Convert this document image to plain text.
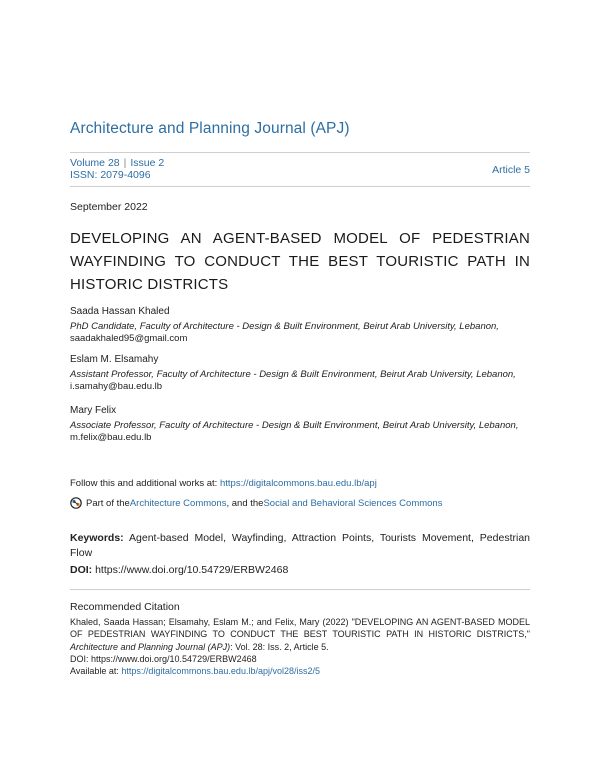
Architecture and Planning Journal (APJ)
Volume 28 | Issue 2
ISSN: 2079-4096	Article 5
September 2022
DEVELOPING AN AGENT-BASED MODEL OF PEDESTRIAN WAYFINDING TO CONDUCT THE BEST TOURISTIC PATH IN HISTORIC DISTRICTS
Saada Hassan Khaled
PhD Candidate, Faculty of Architecture - Design & Built Environment, Beirut Arab University, Lebanon,
saadakhaled95@gmail.com
Eslam M. Elsamahy
Assistant Professor, Faculty of Architecture - Design & Built Environment, Beirut Arab University, Lebanon,
i.samahy@bau.edu.lb
Mary Felix
Associate Professor, Faculty of Architecture - Design & Built Environment, Beirut Arab University, Lebanon,
m.felix@bau.edu.lb
Follow this and additional works at: https://digitalcommons.bau.edu.lb/apj
Part of the Architecture Commons , and the Social and Behavioral Sciences Commons
Keywords: Agent-based Model, Wayfinding, Attraction Points, Tourists Movement, Pedestrian Flow
DOI: https://www.doi.org/10.54729/ERBW2468
Recommended Citation
Khaled, Saada Hassan; Elsamahy, Eslam M.; and Felix, Mary (2022) "DEVELOPING AN AGENT-BASED MODEL OF PEDESTRIAN WAYFINDING TO CONDUCT THE BEST TOURISTIC PATH IN HISTORIC DISTRICTS," Architecture and Planning Journal (APJ): Vol. 28: Iss. 2, Article 5.
DOI: https://www.doi.org/10.54729/ERBW2468
Available at: https://digitalcommons.bau.edu.lb/apj/vol28/iss2/5
